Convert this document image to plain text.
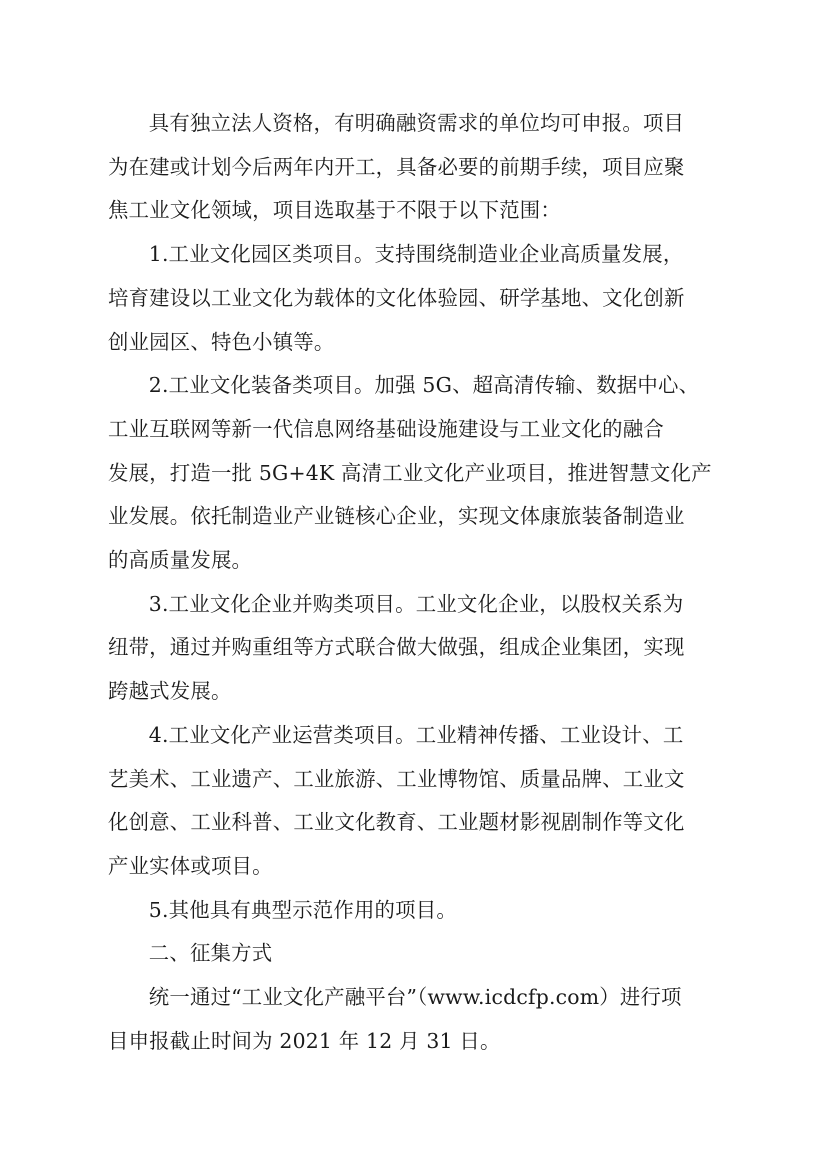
具有独立法人资格，有明确融资需求的单位均可申报。项目
为在建或计划今后两年内开工，具备必要的前期手续，项目应聚
焦工业文化领域，项目选取基于不限于以下范围：

1.工业文化园区类项目。支持围绕制造业企业高质量发展，
培育建设以工业文化为载体的文化体验园、研学基地、文化创新
创业园区、特色小镇等。

2.工业文化装备类项目。加强 5G、超高清传输、数据中心、
工业互联网等新一代信息网络基础设施建设与工业文化的融合
发展，打造一批 5G+4K 高清工业文化产业项目，推进智慧文化产
业发展。依托制造业产业链核心企业，实现文体康旅装备制造业
的高质量发展。

3.工业文化企业并购类项目。工业文化企业，以股权关系为
纽带，通过并购重组等方式联合做大做强，组成企业集团，实现
跨越式发展。

4.工业文化产业运营类项目。工业精神传播、工业设计、工
艺美术、工业遗产、工业旅游、工业博物馆、质量品牌、工业文
化创意、工业科普、工业文化教育、工业题材影视剧制作等文化
产业实体或项目。

5.其他具有典型示范作用的项目。

二、征集方式

统一通过“工业文化产融平台”（www.icdcfp.com）进行项
目申报截止时间为 2021 年 12 月 31 日。
